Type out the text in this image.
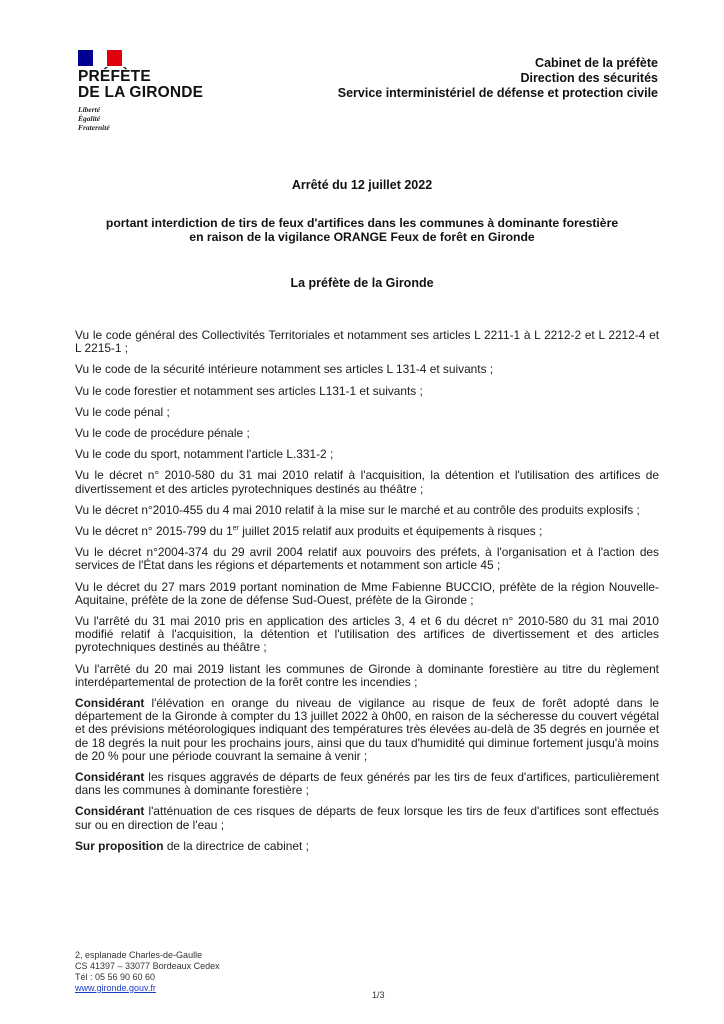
PRÉFÈTE
DE LA GIRONDE
Liberté
Égalité
Fraternité
Cabinet de la préfète
Direction des sécurités
Service interministériel de défense et protection civile
Arrêté du 12 juillet 2022
portant interdiction de tirs de feux d'artifices dans les communes à dominante forestière
en raison de la vigilance ORANGE Feux de forêt en Gironde
La préfète de la Gironde

Vu le code général des Collectivités Territoriales et notamment ses articles L 2211-1 à L 2212-2 et L 2212-4 et L 2215-1 ;

Vu le code de la sécurité intérieure notamment ses articles L 131-4 et suivants ;

Vu le code forestier et notamment ses articles L131-1 et suivants ;

Vu le code pénal ;

Vu le code de procédure pénale ;

Vu le code du sport, notamment l'article L.331-2 ;

Vu le décret n° 2010-580 du 31 mai 2010 relatif à l'acquisition, la détention et l'utilisation des artifices de divertissement et des articles pyrotechniques destinés au théâtre ;

Vu le décret n°2010-455 du 4 mai 2010 relatif à la mise sur le marché et au contrôle des produits explosifs ;

Vu le décret n° 2015-799 du 1er juillet 2015 relatif aux produits et équipements à risques ;

Vu le décret n°2004-374 du 29 avril 2004 relatif aux pouvoirs des préfets, à l'organisation et à l'action des services de l'État dans les régions et départements et notamment son article 45 ;

Vu le décret du 27 mars 2019 portant nomination de Mme Fabienne BUCCIO, préfète de la région Nouvelle-Aquitaine, préfète de la zone de défense Sud-Ouest, préfète de la Gironde ;

Vu l'arrêté du 31 mai 2010 pris en application des articles 3, 4 et 6 du décret n° 2010-580 du 31 mai 2010 modifié relatif à l'acquisition, la détention et l'utilisation des artifices de divertissement et des articles pyrotechniques destinés au théâtre ;

Vu l'arrêté du 20 mai 2019 listant les communes de Gironde à dominante forestière au titre du règlement interdépartemental de protection de la forêt contre les incendies ;

Considérant l'élévation en orange du niveau de vigilance au risque de feux de forêt adopté dans le département de la Gironde à compter du 13 juillet 2022 à 0h00, en raison de la sécheresse du couvert végétal et des prévisions météorologiques indiquant des températures très élevées au-delà de 35 degrés en journée et de 18 degrés la nuit pour les prochains jours, ainsi que du taux d'humidité qui diminue fortement jusqu'à moins de 20 % pour une période couvrant la semaine à venir ;

Considérant les risques aggravés de départs de feux générés par les tirs de feux d'artifices, particulièrement dans les communes à dominante forestière ;

Considérant l'atténuation de ces risques de départs de feux lorsque les tirs de feux d'artifices sont effectués sur ou en direction de l'eau ;

Sur proposition de la directrice de cabinet ;

2, esplanade Charles-de-Gaulle
CS 41397 – 33077 Bordeaux Cedex
Tél : 05 56 90 60 60
www.gironde.gouv.fr
1/3
